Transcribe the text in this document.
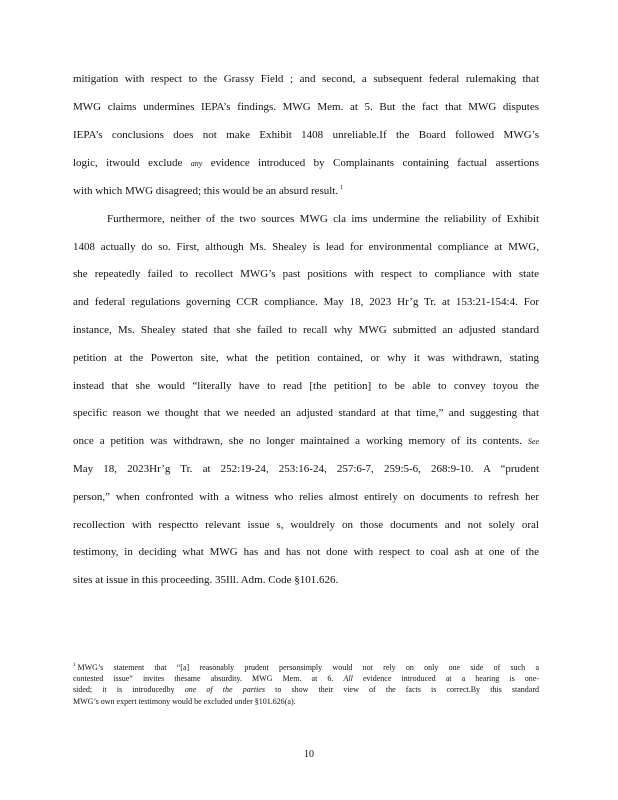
mitigation with respect to the Grassy Field ; and second, a subsequent federal rulemaking that
MWG claims undermines IEPA’s findings. MWG Mem. at 5. But the fact that MWG disputes
IEPA’s conclusions does not make Exhibit 1408 unreliable.If the Board followed MWG’s
logic, itwould exclude any evidence introduced by Complainants containing factual assertions
with which MWG disagreed; this would be an absurd result. $^1$
Furthermore, neither of the two sources MWG cla ims undermine the reliability of Exhibit
1408 actually do so. First, although Ms. Shealey is lead for environmental compliance at MWG,
she repeatedly failed to recollect MWG’s past positions with respect to compliance with state
and federal regulations governing CCR compliance. May 18, 2023 Hr’g Tr. at 153:21-154:4. For
instance, Ms. Shealey stated that she failed to recall why MWG submitted an adjusted standard
petition at the Powerton site, what the petition contained, or why it was withdrawn, stating
instead that she would “literally have to read [the petition] to be able to convey toyou the
specific reason we thought that we needed an adjusted standard at that time,” and suggesting that
once a petition was withdrawn, she no longer maintained a working memory of its contents. See
May 18, 2023Hr’g Tr. at 252:19-24, 253:16-24, 257:6-7, 259:5-6, 268:9-10. A “prudent
person,” when confronted with a witness who relies almost entirely on documents to refresh her
recollection with respectto relevant issue s, wouldrely on those documents and not solely oral
testimony, in deciding what MWG has and has not done with respect to coal ash at one of the
sites at issue in this proceeding. 35Ill. Adm. Code §101.626.
$^1$ MWG’s statement that “[a] reasonably prudent personsimply would not rely on only one side of such a
contested issue” invites thesame absurdity. MWG Mem. at 6. All evidence introduced at a hearing is one-
sided; it is introducedby one of the parties to show their view of the facts is correct.By this standard
MWG’s own expert testimony would be excluded under §101.626(a).
10
